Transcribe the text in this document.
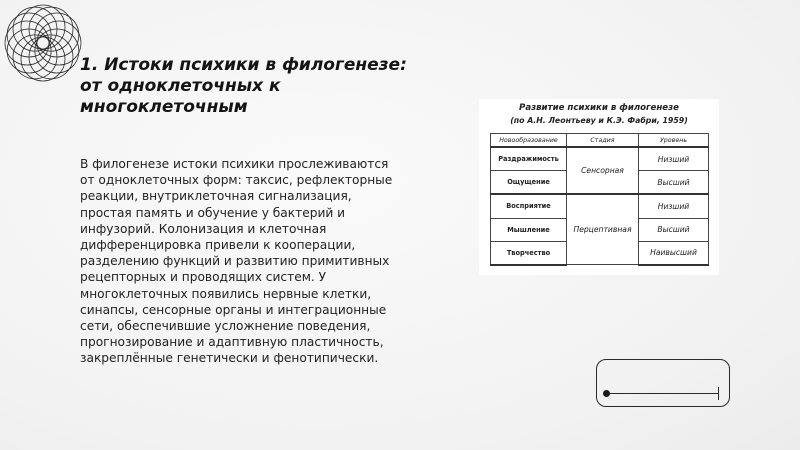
1. Истоки психики в филогенезе:
от одноклеточных к
многоклеточным

В филогенезе истоки психики прослеживаются
от одноклеточных форм: таксис, рефлекторные
реакции, внутриклеточная сигнализация,
простая память и обучение у бактерий и
инфузорий. Колонизация и клеточная
дифференцировка привели к кооперации,
разделению функций и развитию примитивных
рецепторных и проводящих систем. У
многоклеточных появились нервные клетки,
синапсы, сенсорные органы и интеграционные
сети, обеспечившие усложнение поведения,
прогнозирование и адаптивную пластичность,
закреплённые генетически и фенотипически.

Развитие психики в филогенезе
(по А.Н. Леонтьеву и К.Э. Фабри, 1959)
Новообразование	Стадия	Уровень
Раздражимость	Сенсорная	Низший
Ощущение		Высший
Восприятие	Перцептивная	Низший
Мышление		Высший
Творчество		Наивысший
